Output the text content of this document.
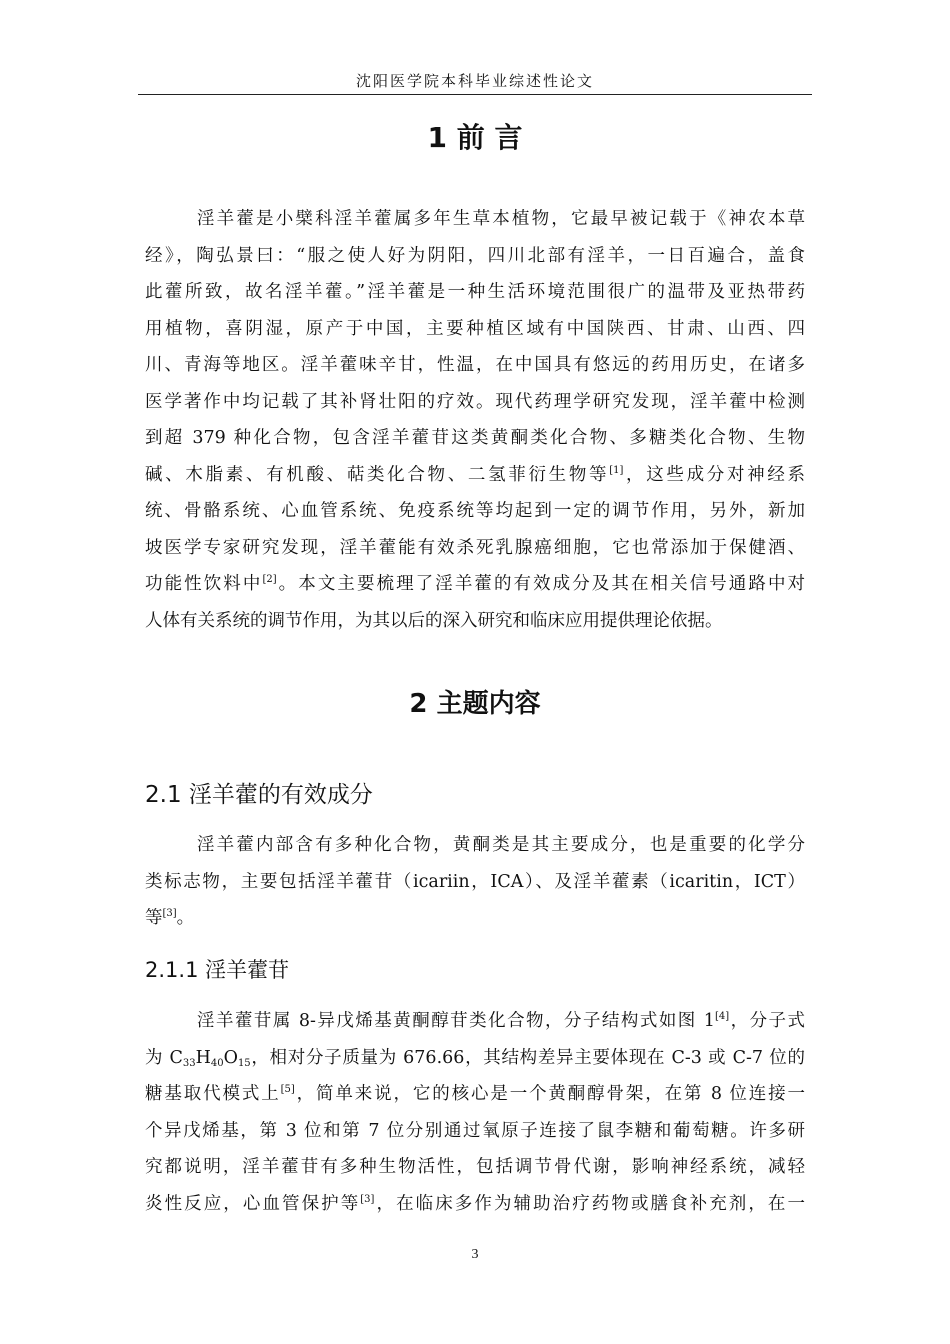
沈阳医学院本科毕业综述性论文
1 前 言
淫羊藿是小檗科淫羊藿属多年生草本植物，它最早被记载于《神农本草
经》，陶弘景曰：“服之使人好为阴阳，四川北部有淫羊，一日百遍合，盖食
此藿所致，故名淫羊藿。”淫羊藿是一种生活环境范围很广的温带及亚热带药
用植物，喜阴湿，原产于中国，主要种植区域有中国陕西、甘肃、山西、四
川、青海等地区。淫羊藿味辛甘，性温，在中国具有悠远的药用历史，在诸多
医学著作中均记载了其补肾壮阳的疗效。现代药理学研究发现，淫羊藿中检测
到超 379 种化合物，包含淫羊藿苷这类黄酮类化合物、多糖类化合物、生物
碱、木脂素、有机酸、萜类化合物、二氢菲衍生物等[1]，这些成分对神经系
统、骨骼系统、心血管系统、免疫系统等均起到一定的调节作用，另外，新加
坡医学专家研究发现，淫羊藿能有效杀死乳腺癌细胞，它也常添加于保健酒、
功能性饮料中[2]。本文主要梳理了淫羊藿的有效成分及其在相关信号通路中对
人体有关系统的调节作用，为其以后的深入研究和临床应用提供理论依据。
2 主题内容
2.1 淫羊藿的有效成分
淫羊藿内部含有多种化合物，黄酮类是其主要成分，也是重要的化学分
类标志物，主要包括淫羊藿苷（icariin，ICA）、及淫羊藿素（icaritin，ICT）
等[3]。
2.1.1 淫羊藿苷
淫羊藿苷属 8-异戊烯基黄酮醇苷类化合物，分子结构式如图 1[4]，分子式
为 $C_{33}H_{40}O_{15}$，相对分子质量为 676.66，其结构差异主要体现在 C-3 或 C-7 位的
糖基取代模式上[5]，简单来说，它的核心是一个黄酮醇骨架，在第 8 位连接一
个异戊烯基，第 3 位和第 7 位分别通过氧原子连接了鼠李糖和葡萄糖。许多研
究都说明，淫羊藿苷有多种生物活性，包括调节骨代谢，影响神经系统，减轻
炎性反应，心血管保护等[3]，在临床多作为辅助治疗药物或膳食补充剂，在一
3
